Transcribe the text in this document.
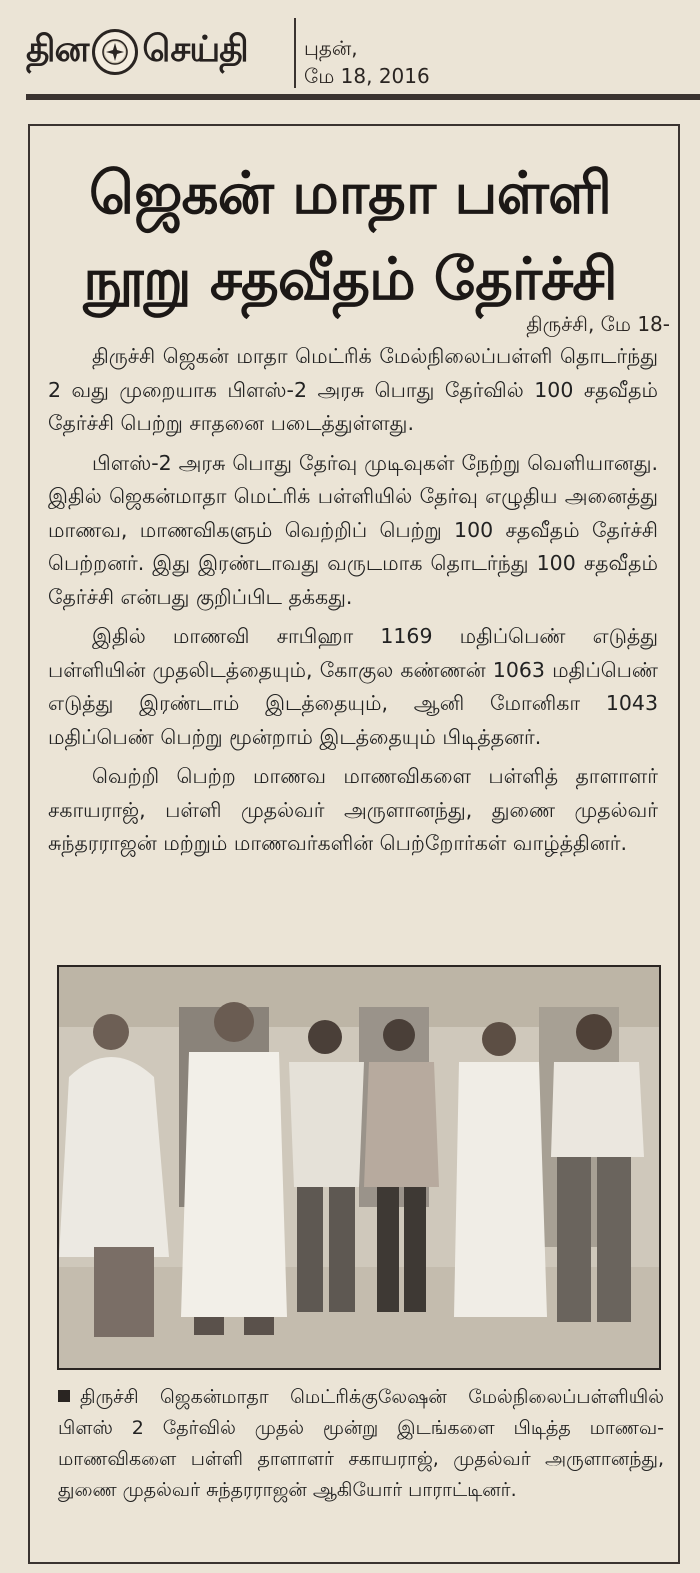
தின செய்தி	புதன்,
மே 18, 2016
ஜெகன் மாதா பள்ளி
நூறு சதவீதம் தேர்ச்சி
திருச்சி, மே 18-

திருச்சி ஜெகன் மாதா மெட்ரிக் மேல்நிலைப்பள்ளி தொடர்ந்து 2 வது முறையாக பிளஸ்-2 அரசு பொது தேர்வில் 100 சதவீதம் தேர்ச்சி பெற்று சாதனை படைத்துள்ளது.

பிளஸ்-2 அரசு பொது தேர்வு முடிவுகள் நேற்று வெளியானது. இதில் ஜெகன்மாதா மெட்ரிக் பள்ளியில் தேர்வு எழுதிய அனைத்து மாணவ, மாணவிகளும் வெற்றிப் பெற்று 100 சதவீதம் தேர்ச்சி பெற்றனர். இது இரண்டாவது வருடமாக தொடர்ந்து 100 சதவீதம் தேர்ச்சி என்பது குறிப்பிட தக்கது.

இதில் மாணவி சாபிஹா 1169 மதிப்பெண் எடுத்து பள்ளியின் முதலிடத்தையும், கோகுல கண்ணன் 1063 மதிப்பெண் எடுத்து இரண்டாம் இடத்தையும், ஆனி மோனிகா 1043 மதிப்பெண் பெற்று மூன்றாம் இடத்தையும் பிடித்தனர்.

வெற்றி பெற்ற மாணவ மாணவிகளை பள்ளித் தாளாளர் சகாயராஜ், பள்ளி முதல்வர் அருளானந்து, துணை முதல்வர் சுந்தரராஜன் மற்றும் மாணவர்களின் பெற்றோர்கள் வாழ்த்தினர்.

திருச்சி ஜெகன்மாதா மெட்ரிக்குலேஷன் மேல்நிலைப்பள்ளியில் பிளஸ் 2 தேர்வில் முதல் மூன்று இடங்களை பிடித்த மாணவ-மாணவிகளை பள்ளி தாளாளர் சகாயராஜ், முதல்வர் அருளானந்து, துணை முதல்வர் சுந்தரராஜன் ஆகியோர் பாராட்டினர்.
